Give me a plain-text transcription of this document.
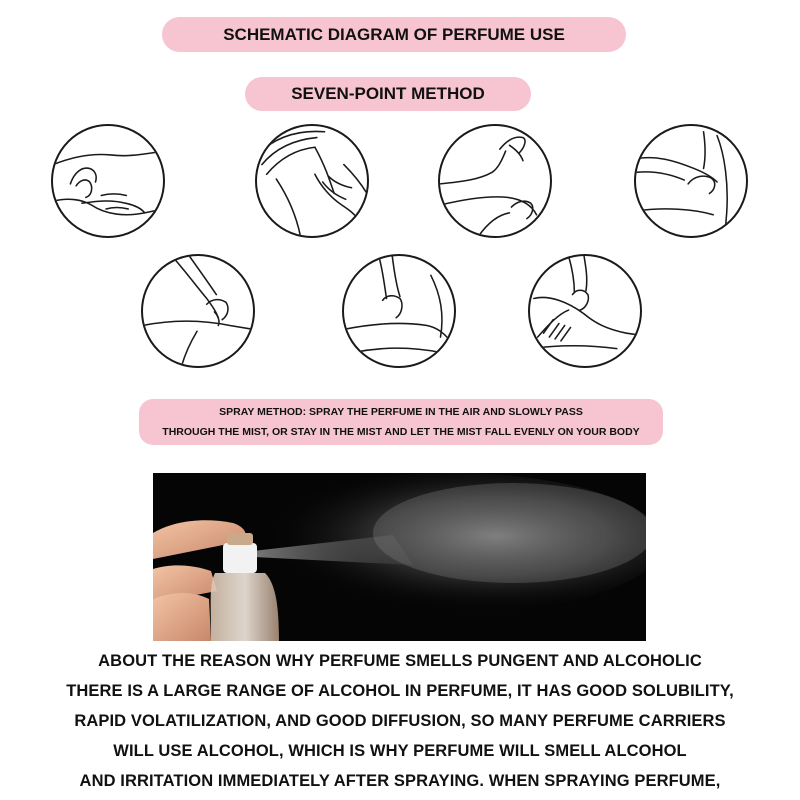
SCHEMATIC DIAGRAM OF PERFUME USE
SEVEN-POINT METHOD
SPRAY METHOD: SPRAY THE PERFUME IN THE AIR AND SLOWLY PASS
THROUGH THE MIST, OR STAY IN THE MIST AND LET THE MIST FALL EVENLY ON YOUR BODY
ABOUT THE REASON WHY PERFUME SMELLS PUNGENT AND ALCOHOLIC
THERE IS A LARGE RANGE OF ALCOHOL IN PERFUME, IT HAS GOOD SOLUBILITY,
RAPID VOLATILIZATION, AND GOOD DIFFUSION, SO MANY PERFUME CARRIERS
WILL USE ALCOHOL, WHICH IS WHY PERFUME WILL SMELL ALCOHOL
AND IRRITATION IMMEDIATELY AFTER SPRAYING. WHEN SPRAYING PERFUME,
